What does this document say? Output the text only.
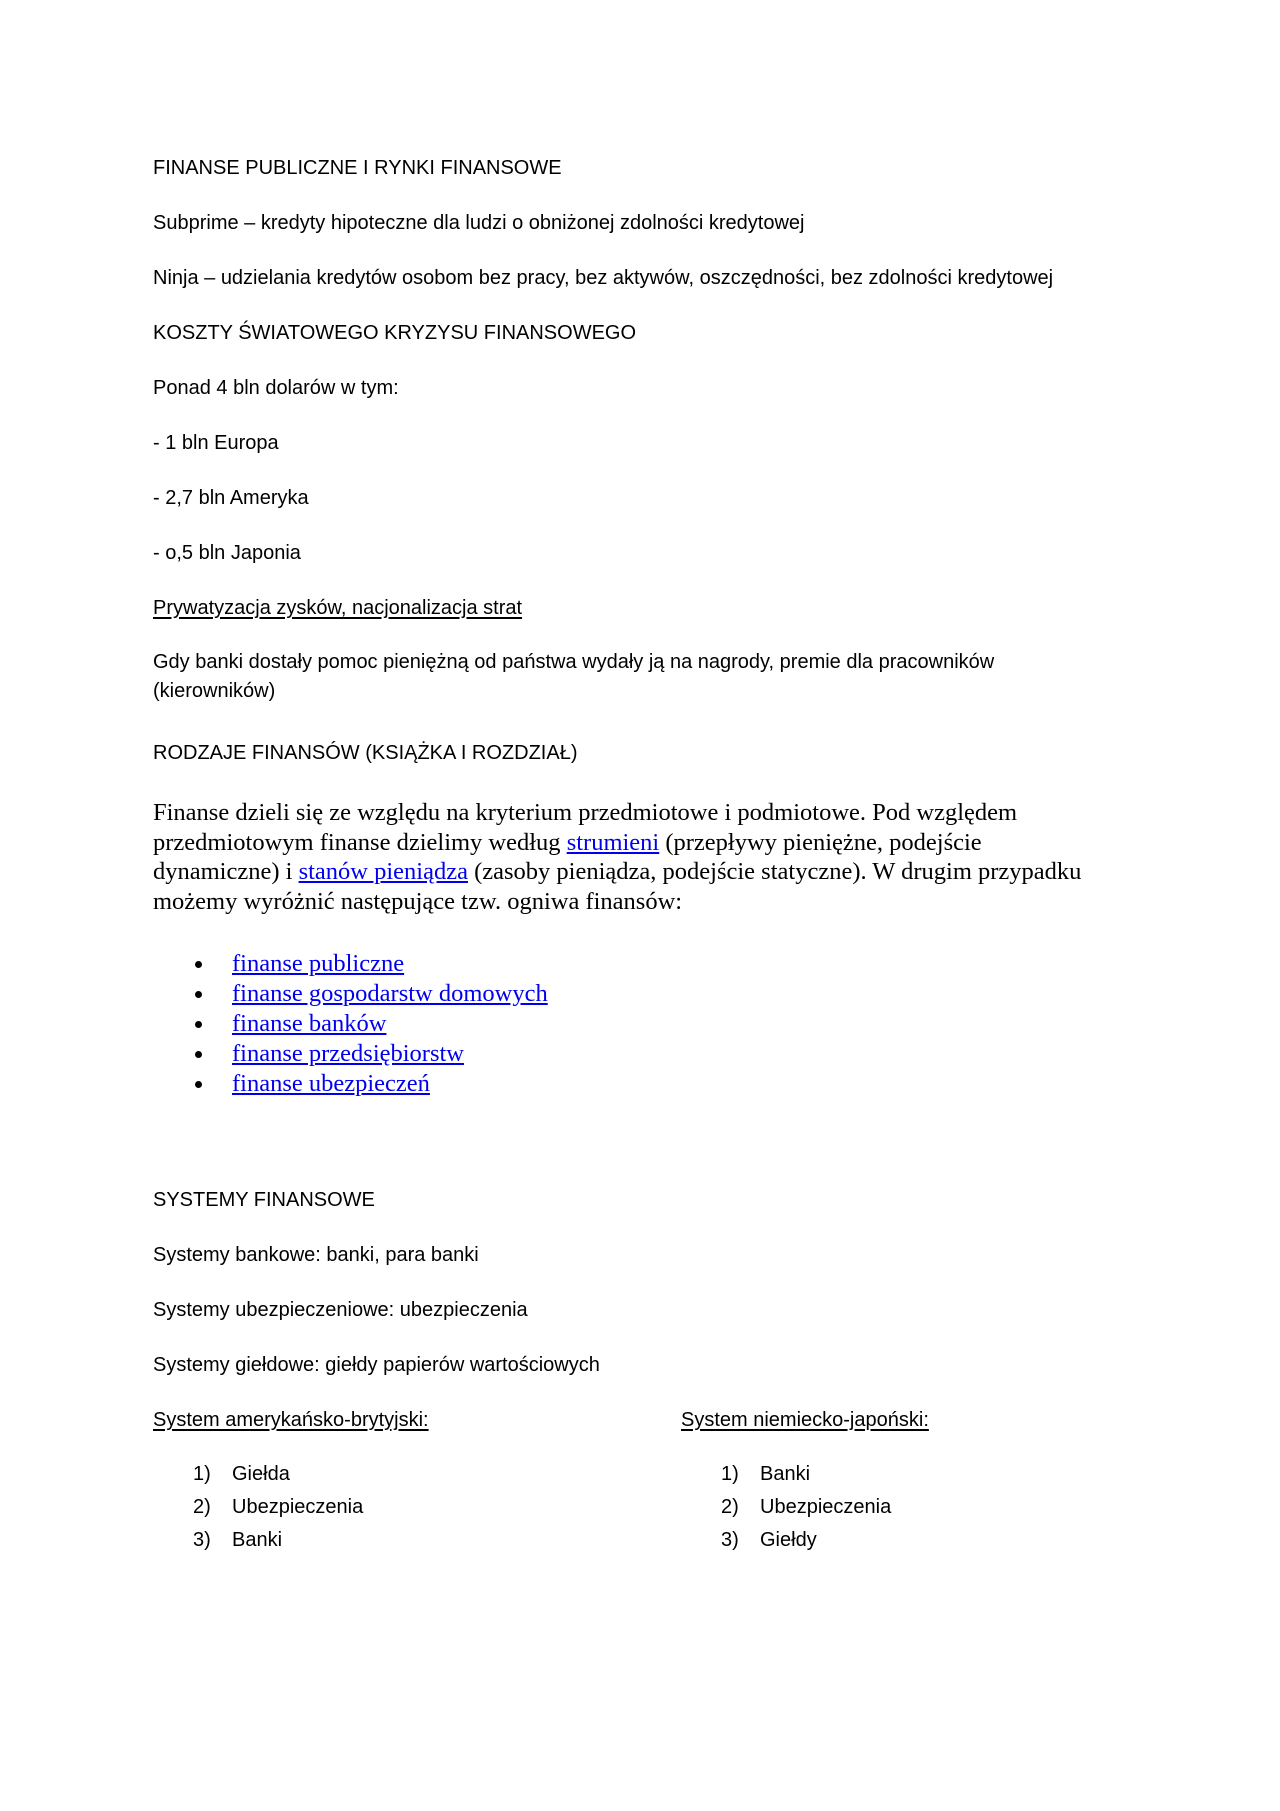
FINANSE PUBLICZNE I RYNKI FINANSOWE

Subprime – kredyty hipoteczne dla ludzi o obniżonej zdolności kredytowej

Ninja – udzielania kredytów osobom bez pracy, bez aktywów, oszczędności, bez zdolności kredytowej

KOSZTY ŚWIATOWEGO KRYZYSU FINANSOWEGO

Ponad 4 bln dolarów w tym:

- 1 bln Europa

- 2,7 bln Ameryka

- o,5 bln Japonia

Prywatyzacja zysków, nacjonalizacja strat

Gdy banki dostały pomoc pieniężną od państwa wydały ją na nagrody, premie dla pracowników (kierowników)

RODZAJE FINANSÓW (KSIĄŻKA I ROZDZIAŁ)

Finanse dzieli się ze względu na kryterium przedmiotowe i podmiotowe. Pod względem przedmiotowym finanse dzielimy według strumieni (przepływy pieniężne, podejście dynamiczne) i stanów pieniądza (zasoby pieniądza, podejście statyczne). W drugim przypadku możemy wyróżnić następujące tzw. ogniwa finansów:

finanse publiczne
finanse gospodarstw domowych
finanse banków
finanse przedsiębiorstw
finanse ubezpieczeń

SYSTEMY FINANSOWE

Systemy bankowe: banki, para banki

Systemy ubezpieczeniowe: ubezpieczenia

Systemy giełdowe: giełdy papierów wartościowych

System amerykańsko-brytyjski:	System niemiecko-japoński:

1) Giełda
2) Ubezpieczenia
3) Banki
1) Banki
2) Ubezpieczenia
3) Giełdy
